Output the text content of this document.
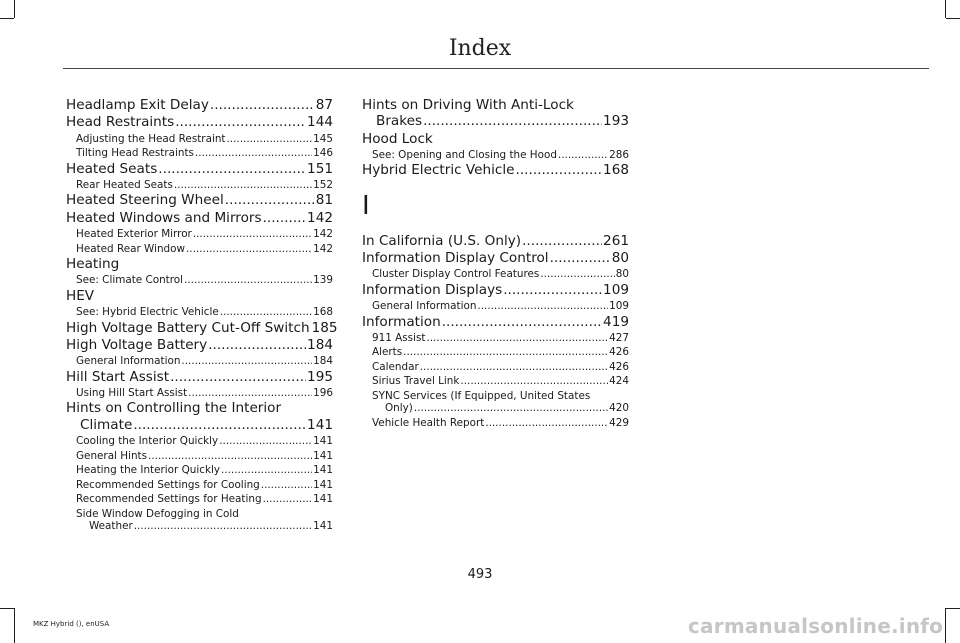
Index
Headlamp Exit Delay .....	87
Head Restraints .....	144
Adjusting the Head Restraint .....	145
Tilting Head Restraints .....	146
Heated Seats .....	151
Rear Heated Seats .....	152
Heated Steering Wheel .....	81
Heated Windows and Mirrors .....	142
Heated Exterior Mirror .....	142
Heated Rear Window .....	142
Heating
See: Climate Control .....	139
HEV
See: Hybrid Electric Vehicle .....	168
High Voltage Battery Cut-Off Switch 185
High Voltage Battery .....	184
General Information .....	184
Hill Start Assist .....	195
Using Hill Start Assist .....	196
Hints on Controlling the Interior
Climate .....	141
Cooling the Interior Quickly .....	141
General Hints .....	141
Heating the Interior Quickly .....	141
Recommended Settings for Cooling .....	141
Recommended Settings for Heating .....	141
Side Window Defogging in Cold
Weather .....	141
Hints on Driving With Anti-Lock
Brakes .....	193
Hood Lock
See: Opening and Closing the Hood .....	286
Hybrid Electric Vehicle .....	168
I
In California (U.S. Only) .....	261
Information Display Control .....	80
Cluster Display Control Features .....	80
Information Displays .....	109
General Information .....	109
Information .....	419
911 Assist .....	427
Alerts .....	426
Calendar .....	426
Sirius Travel Link .....	424
SYNC Services (If Equipped, United States
Only) .....	420
Vehicle Health Report .....	429
493
MKZ Hybrid (), enUSA	carmanualsonline.info
